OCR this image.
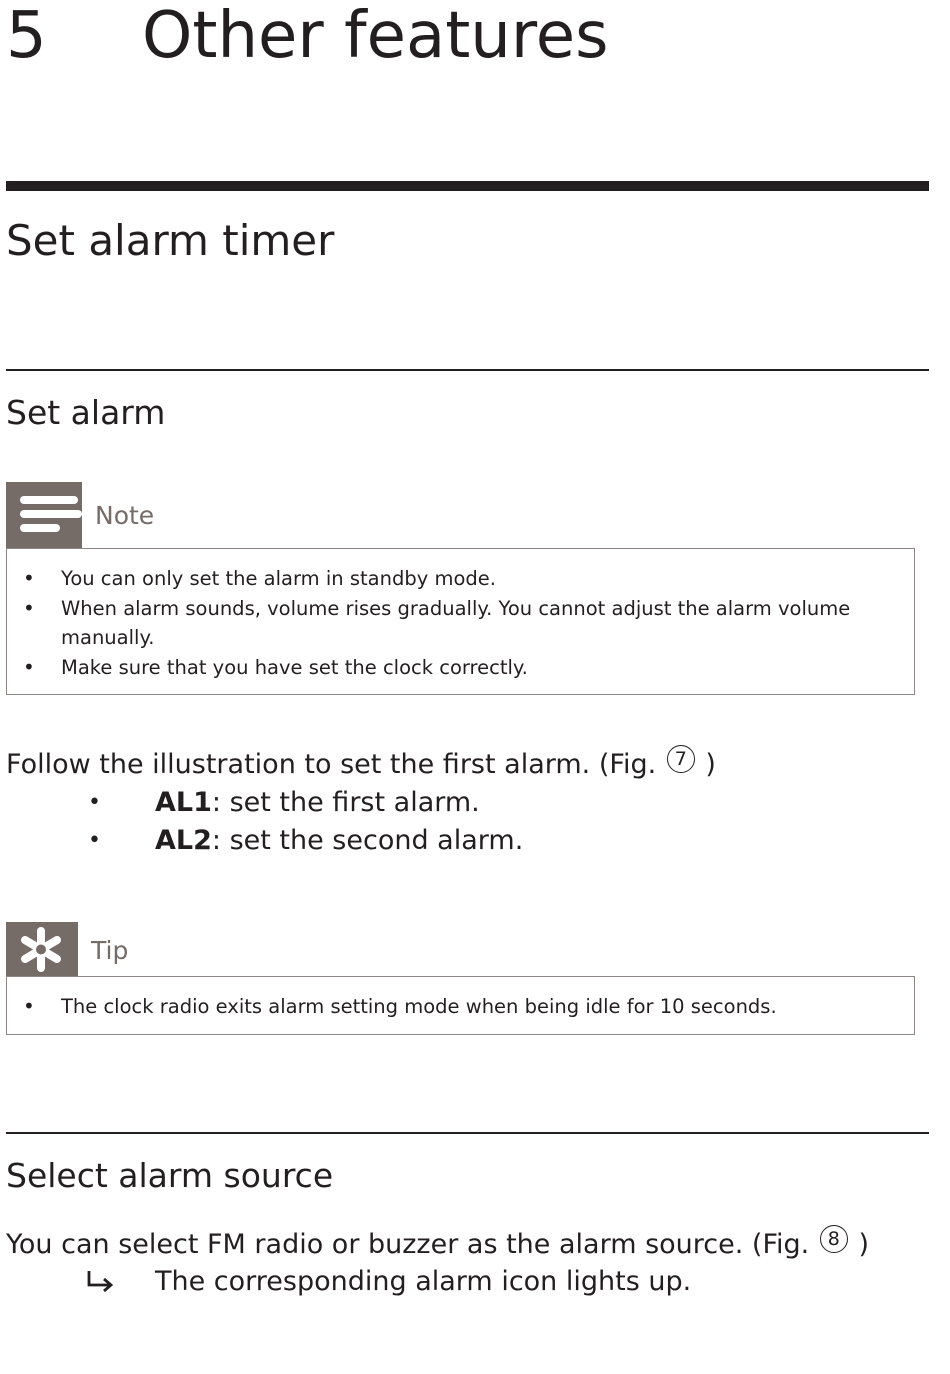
5 Other features
Set alarm timer
Set alarm
Note
• You can only set the alarm in standby mode.
• When alarm sounds, volume rises gradually. You cannot adjust the alarm volume manually.
• Make sure that you have set the clock correctly.
Follow the illustration to set the first alarm. (Fig. 7 )
• AL1: set the first alarm.
• AL2: set the second alarm.
Tip
• The clock radio exits alarm setting mode when being idle for 10 seconds.
Select alarm source
You can select FM radio or buzzer as the alarm source. (Fig. 8 )
The corresponding alarm icon lights up.
